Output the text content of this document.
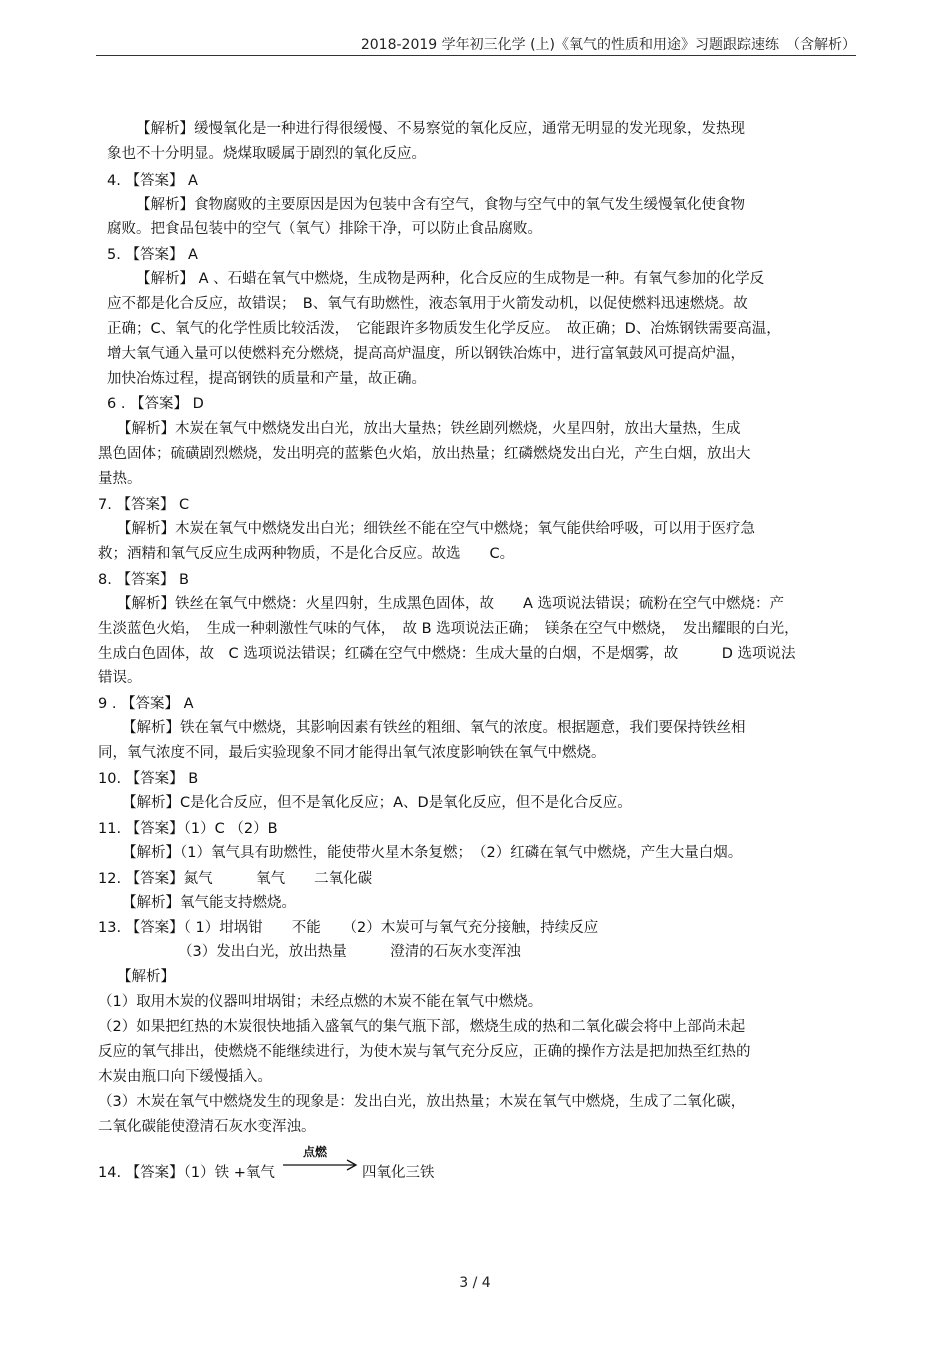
2018-2019 学年初三化学 (上)《氧气的性质和用途》习题跟踪速练　（含解析）
【解析】缓慢氧化是一种进行得很缓慢、不易察觉的氧化反应，通常无明显的发光现象，发热现
象也不十分明显。烧煤取暖属于剧烈的氧化反应。
4. 【答案】 A
【解析】食物腐败的主要原因是因为包装中含有空气，食物与空气中的氧气发生缓慢氧化使食物
腐败。把食品包装中的空气（氧气）排除干净，可以防止食品腐败。
5. 【答案】 A
【解析】 A 、石蜡在氧气中燃烧，生成物是两种，化合反应的生成物是一种。有氧气参加的化学反
应不都是化合反应，故错误；　B、氧气有助燃性，液态氧用于火箭发动机，以促使燃料迅速燃烧。故
正确；C、氧气的化学性质比较活泼，　它能跟许多物质发生化学反应。　故正确；D、冶炼钢铁需要高温，
增大氧气通入量可以使燃料充分燃烧，提高高炉温度，所以钢铁冶炼中，进行富氧鼓风可提高炉温，
加快冶炼过程，提高钢铁的质量和产量，故正确。
6 . 【答案】 D
【解析】木炭在氧气中燃烧发出白光，放出大量热；铁丝剧列燃烧，火星四射，放出大量热，生成
黑色固体；硫磺剧烈燃烧，发出明亮的蓝紫色火焰，放出热量；红磷燃烧发出白光，产生白烟，放出大
量热。
7. 【答案】 C
【解析】木炭在氧气中燃烧发出白光；细铁丝不能在空气中燃烧；氧气能供给呼吸，可以用于医疗急
救；酒精和氧气反应生成两种物质，不是化合反应。故选　　C。
8. 【答案】 B
【解析】铁丝在氧气中燃烧：火星四射，生成黑色固体，故　　A 选项说法错误；硫粉在空气中燃烧：产
生淡蓝色火焰，　生成一种刺激性气味的气体，　故 B 选项说法正确；　镁条在空气中燃烧，　发出耀眼的白光，
生成白色固体，故　C 选项说法错误；红磷在空气中燃烧：生成大量的白烟，不是烟雾，故　　　D 选项说法
错误。
9 . 【答案】 A
【解析】铁在氧气中燃烧，其影响因素有铁丝的粗细、氧气的浓度。根据题意，我们要保持铁丝相
同，氧气浓度不同，最后实验现象不同才能得出氧气浓度影响铁在氧气中燃烧。
10. 【答案】 B
【解析】C是化合反应，但不是氧化反应；A、D是氧化反应，但不是化合反应。
11. 【答案】（1）C （2）B
【解析】（1）氧气具有助燃性，能使带火星木条复燃；　（2）红磷在氧气中燃烧，产生大量白烟。
12. 【答案】氮气　　　氧气　　二氧化碳
【解析】氧气能支持燃烧。
13. 【答案】（ 1）坩埚钳　　不能　　（2）木炭可与氧气充分接触，持续反应
（3）发出白光，放出热量　　　澄清的石灰水变浑浊
【解析】
（1）取用木炭的仪器叫坩埚钳；未经点燃的木炭不能在氧气中燃烧。
（2）如果把红热的木炭很快地插入盛氧气的集气瓶下部，燃烧生成的热和二氧化碳会将中上部尚未起
反应的氧气排出，使燃烧不能继续进行，为使木炭与氧气充分反应，正确的操作方法是把加热至红热的
木炭由瓶口向下缓慢插入。
（3）木炭在氧气中燃烧发生的现象是：发出白光，放出热量；木炭在氧气中燃烧，生成了二氧化碳，
二氧化碳能使澄清石灰水变浑浊。
14. 【答案】（1）铁 +氧气
点燃
四氧化三铁
3 / 4
